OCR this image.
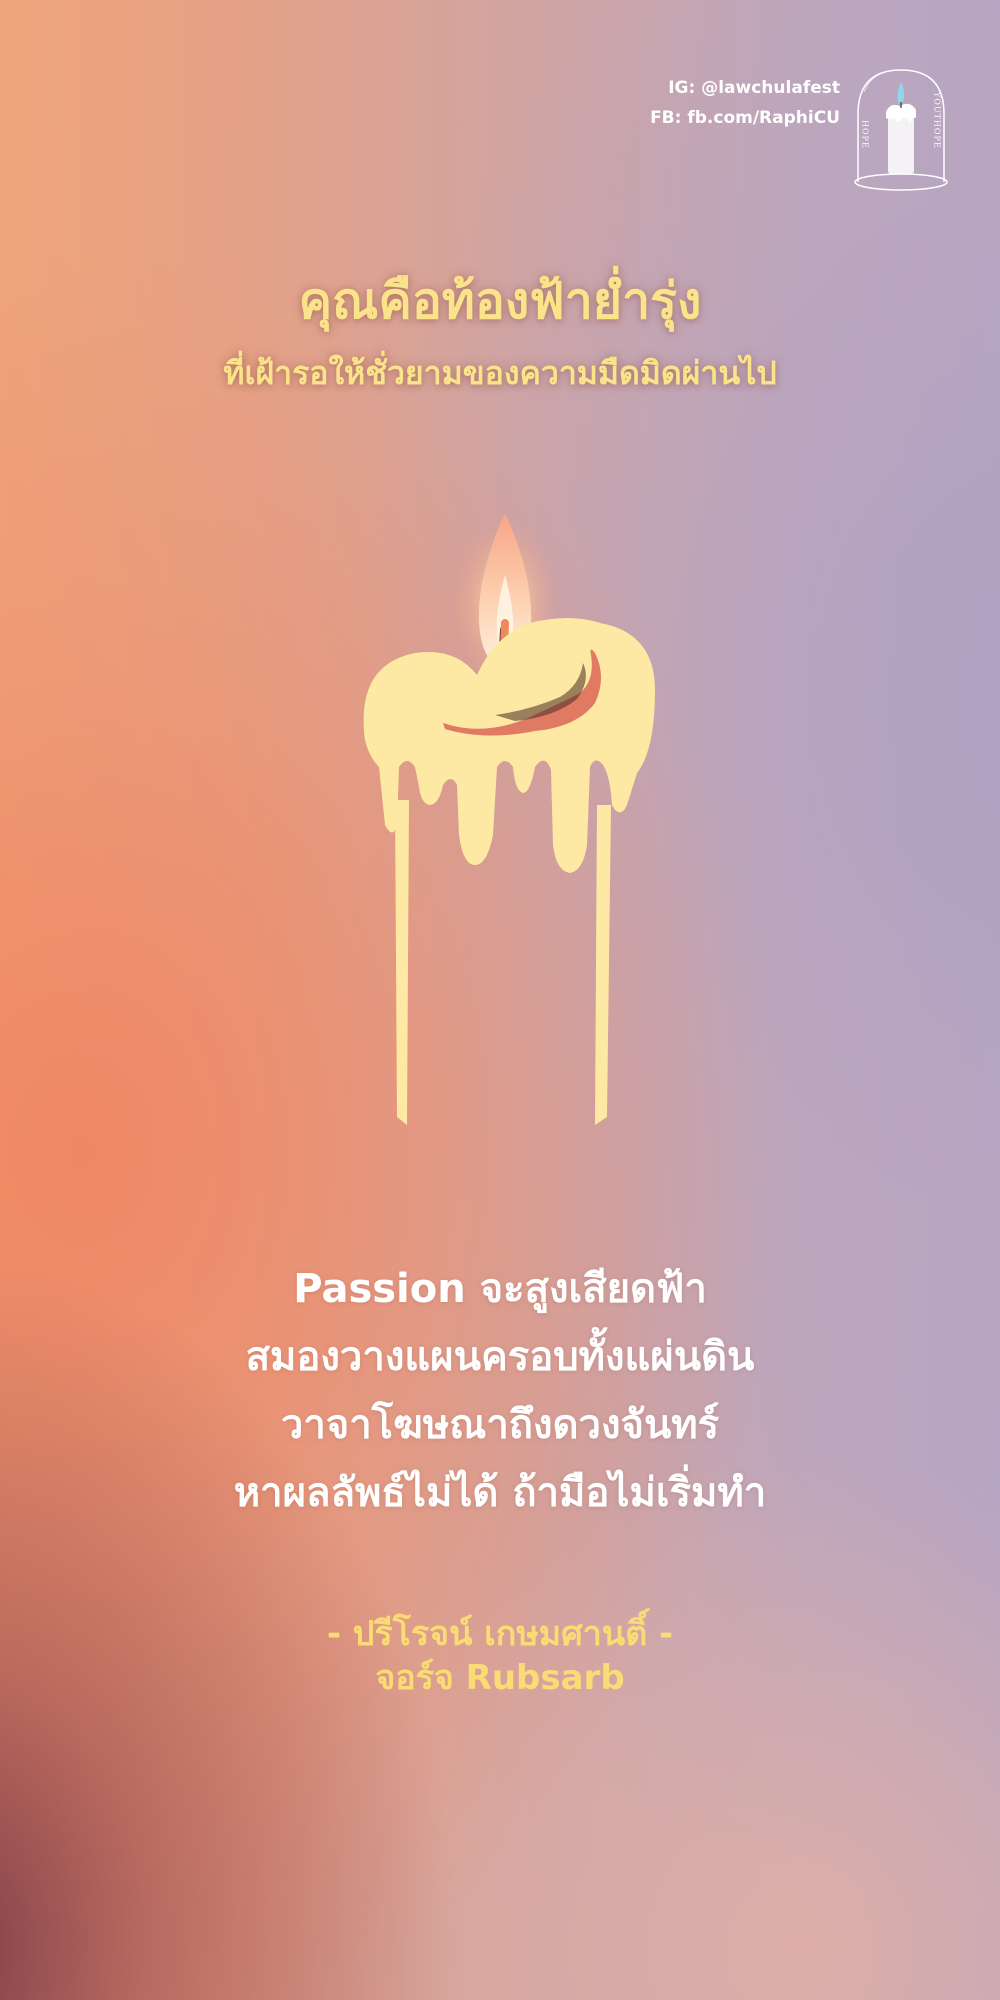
IG: @lawchulafest
FB: fb.com/RaphiCU
HOPE	YOUTHOPE
คุณคือท้องฟ้ายํ่ารุ่ง
ที่เฝ้ารอให้ชั่วยามของความมืดมิดผ่านไป
Passion จะสูงเสียดฟ้า
สมองวางแผนครอบทั้งแผ่นดิน
วาจาโฆษณาถึงดวงจันทร์
หาผลลัพธ์ไม่ได้ ถ้ามือไม่เริ่มทำ
- ปรีโรจน์ เกษมศานติ์ -
จอร์จ Rubsarb
